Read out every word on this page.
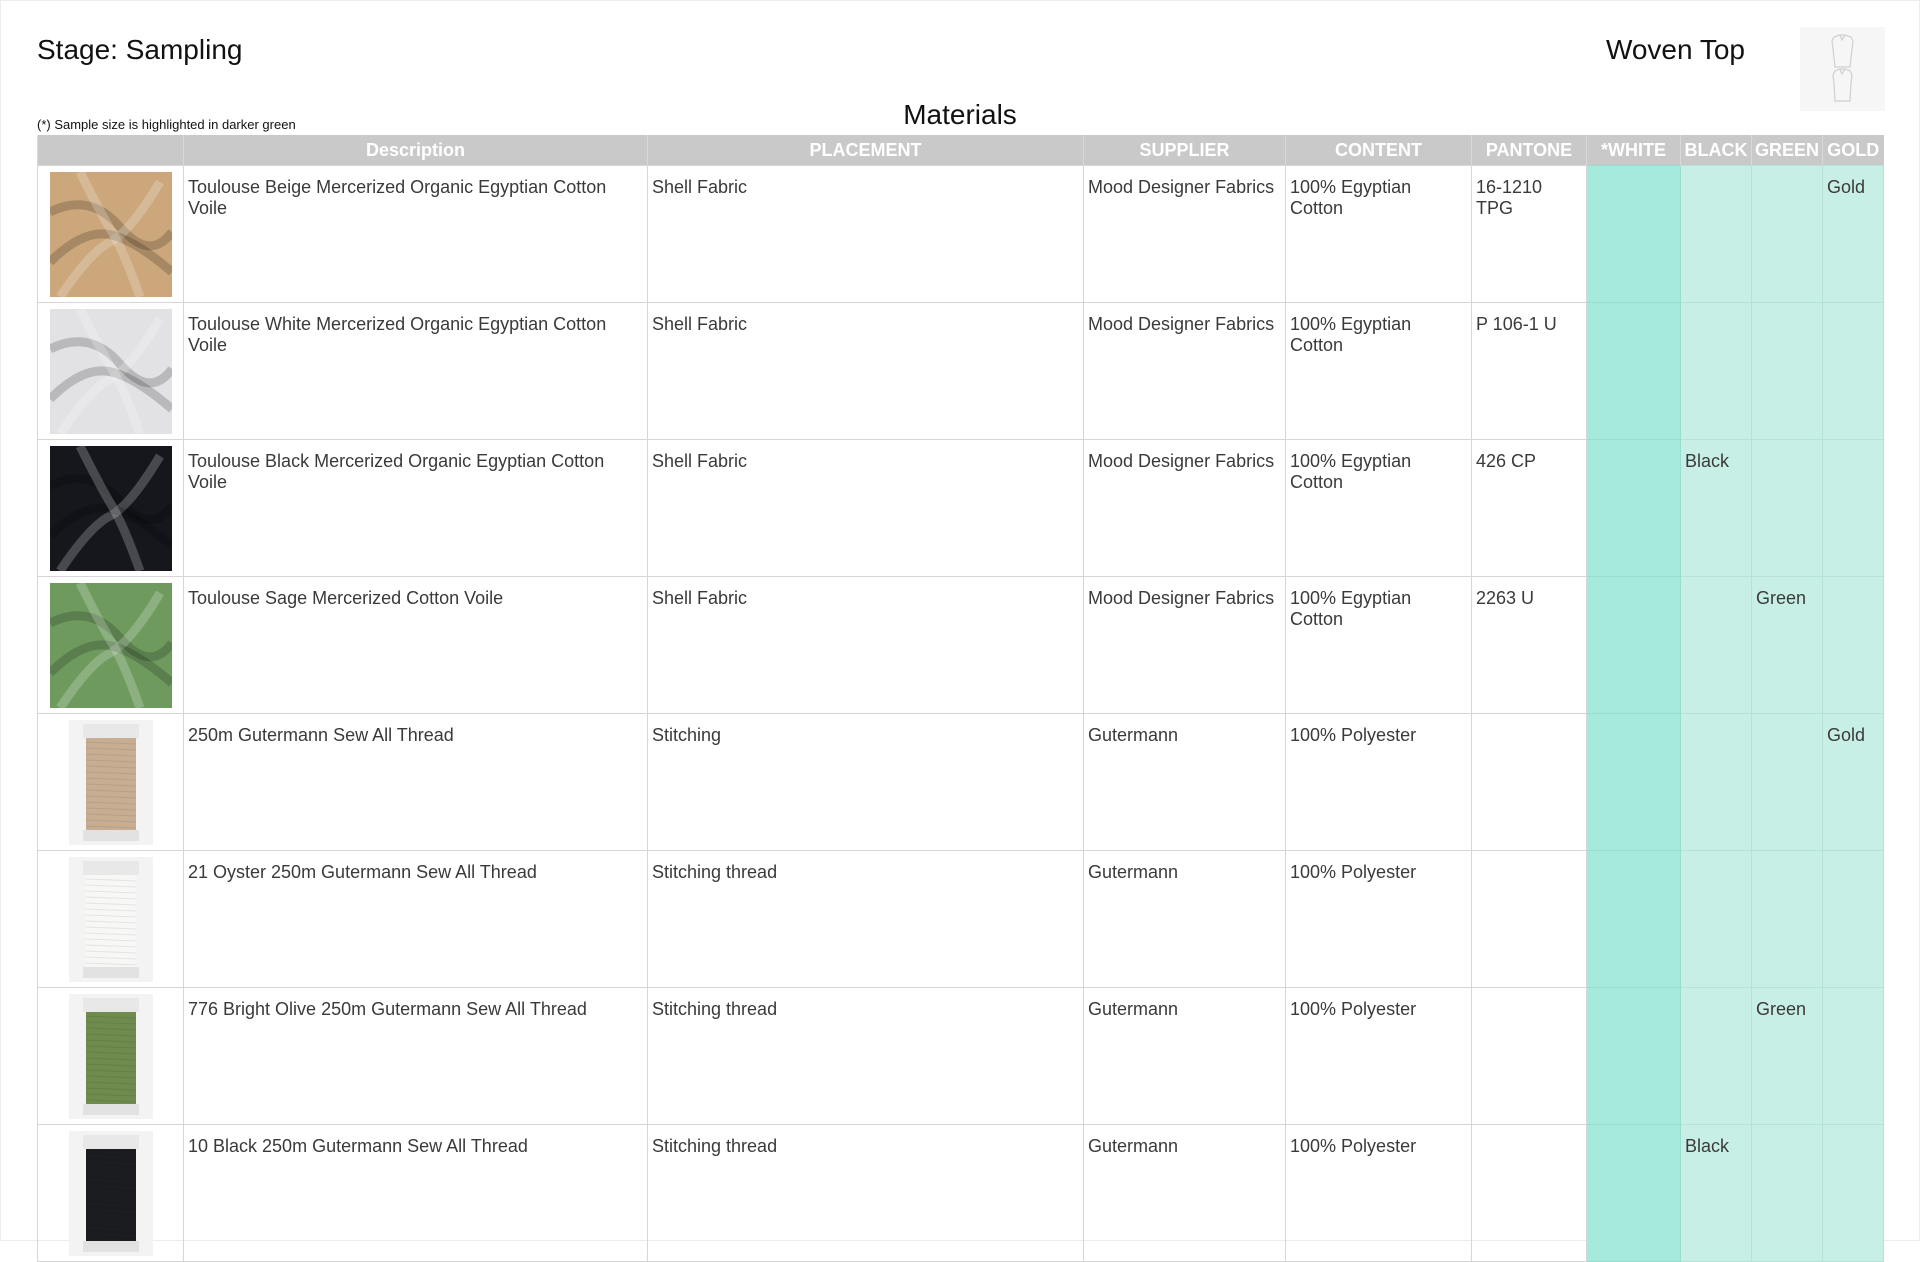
Stage: Sampling	Woven Top
(*) Sample size is highlighted in darker green	Materials
	Description	PLACEMENT	SUPPLIER	CONTENT	PANTONE	*WHITE	BLACK	GREEN	GOLD

	Toulouse Beige Mercerized Organic Egyptian Cotton Voile	Shell Fabric	Mood Designer Fabrics	100% Egyptian Cotton	16-1210 TPG				Gold

	Toulouse White Mercerized Organic Egyptian Cotton Voile	Shell Fabric	Mood Designer Fabrics	100% Egyptian Cotton	P 106-1 U				

	Toulouse Black Mercerized Organic Egyptian Cotton Voile	Shell Fabric	Mood Designer Fabrics	100% Egyptian Cotton	426 CP		Black		

	Toulouse Sage Mercerized Cotton Voile	Shell Fabric	Mood Designer Fabrics	100% Egyptian Cotton	2263 U			Green	

	250m Gutermann Sew All Thread	Stitching	Gutermann	100% Polyester					Gold

	21 Oyster 250m Gutermann Sew All Thread	Stitching thread	Gutermann	100% Polyester					

	776 Bright Olive 250m Gutermann Sew All Thread	Stitching thread	Gutermann	100% Polyester				Green	

	10 Black 250m Gutermann Sew All Thread	Stitching thread	Gutermann	100% Polyester			Black		
